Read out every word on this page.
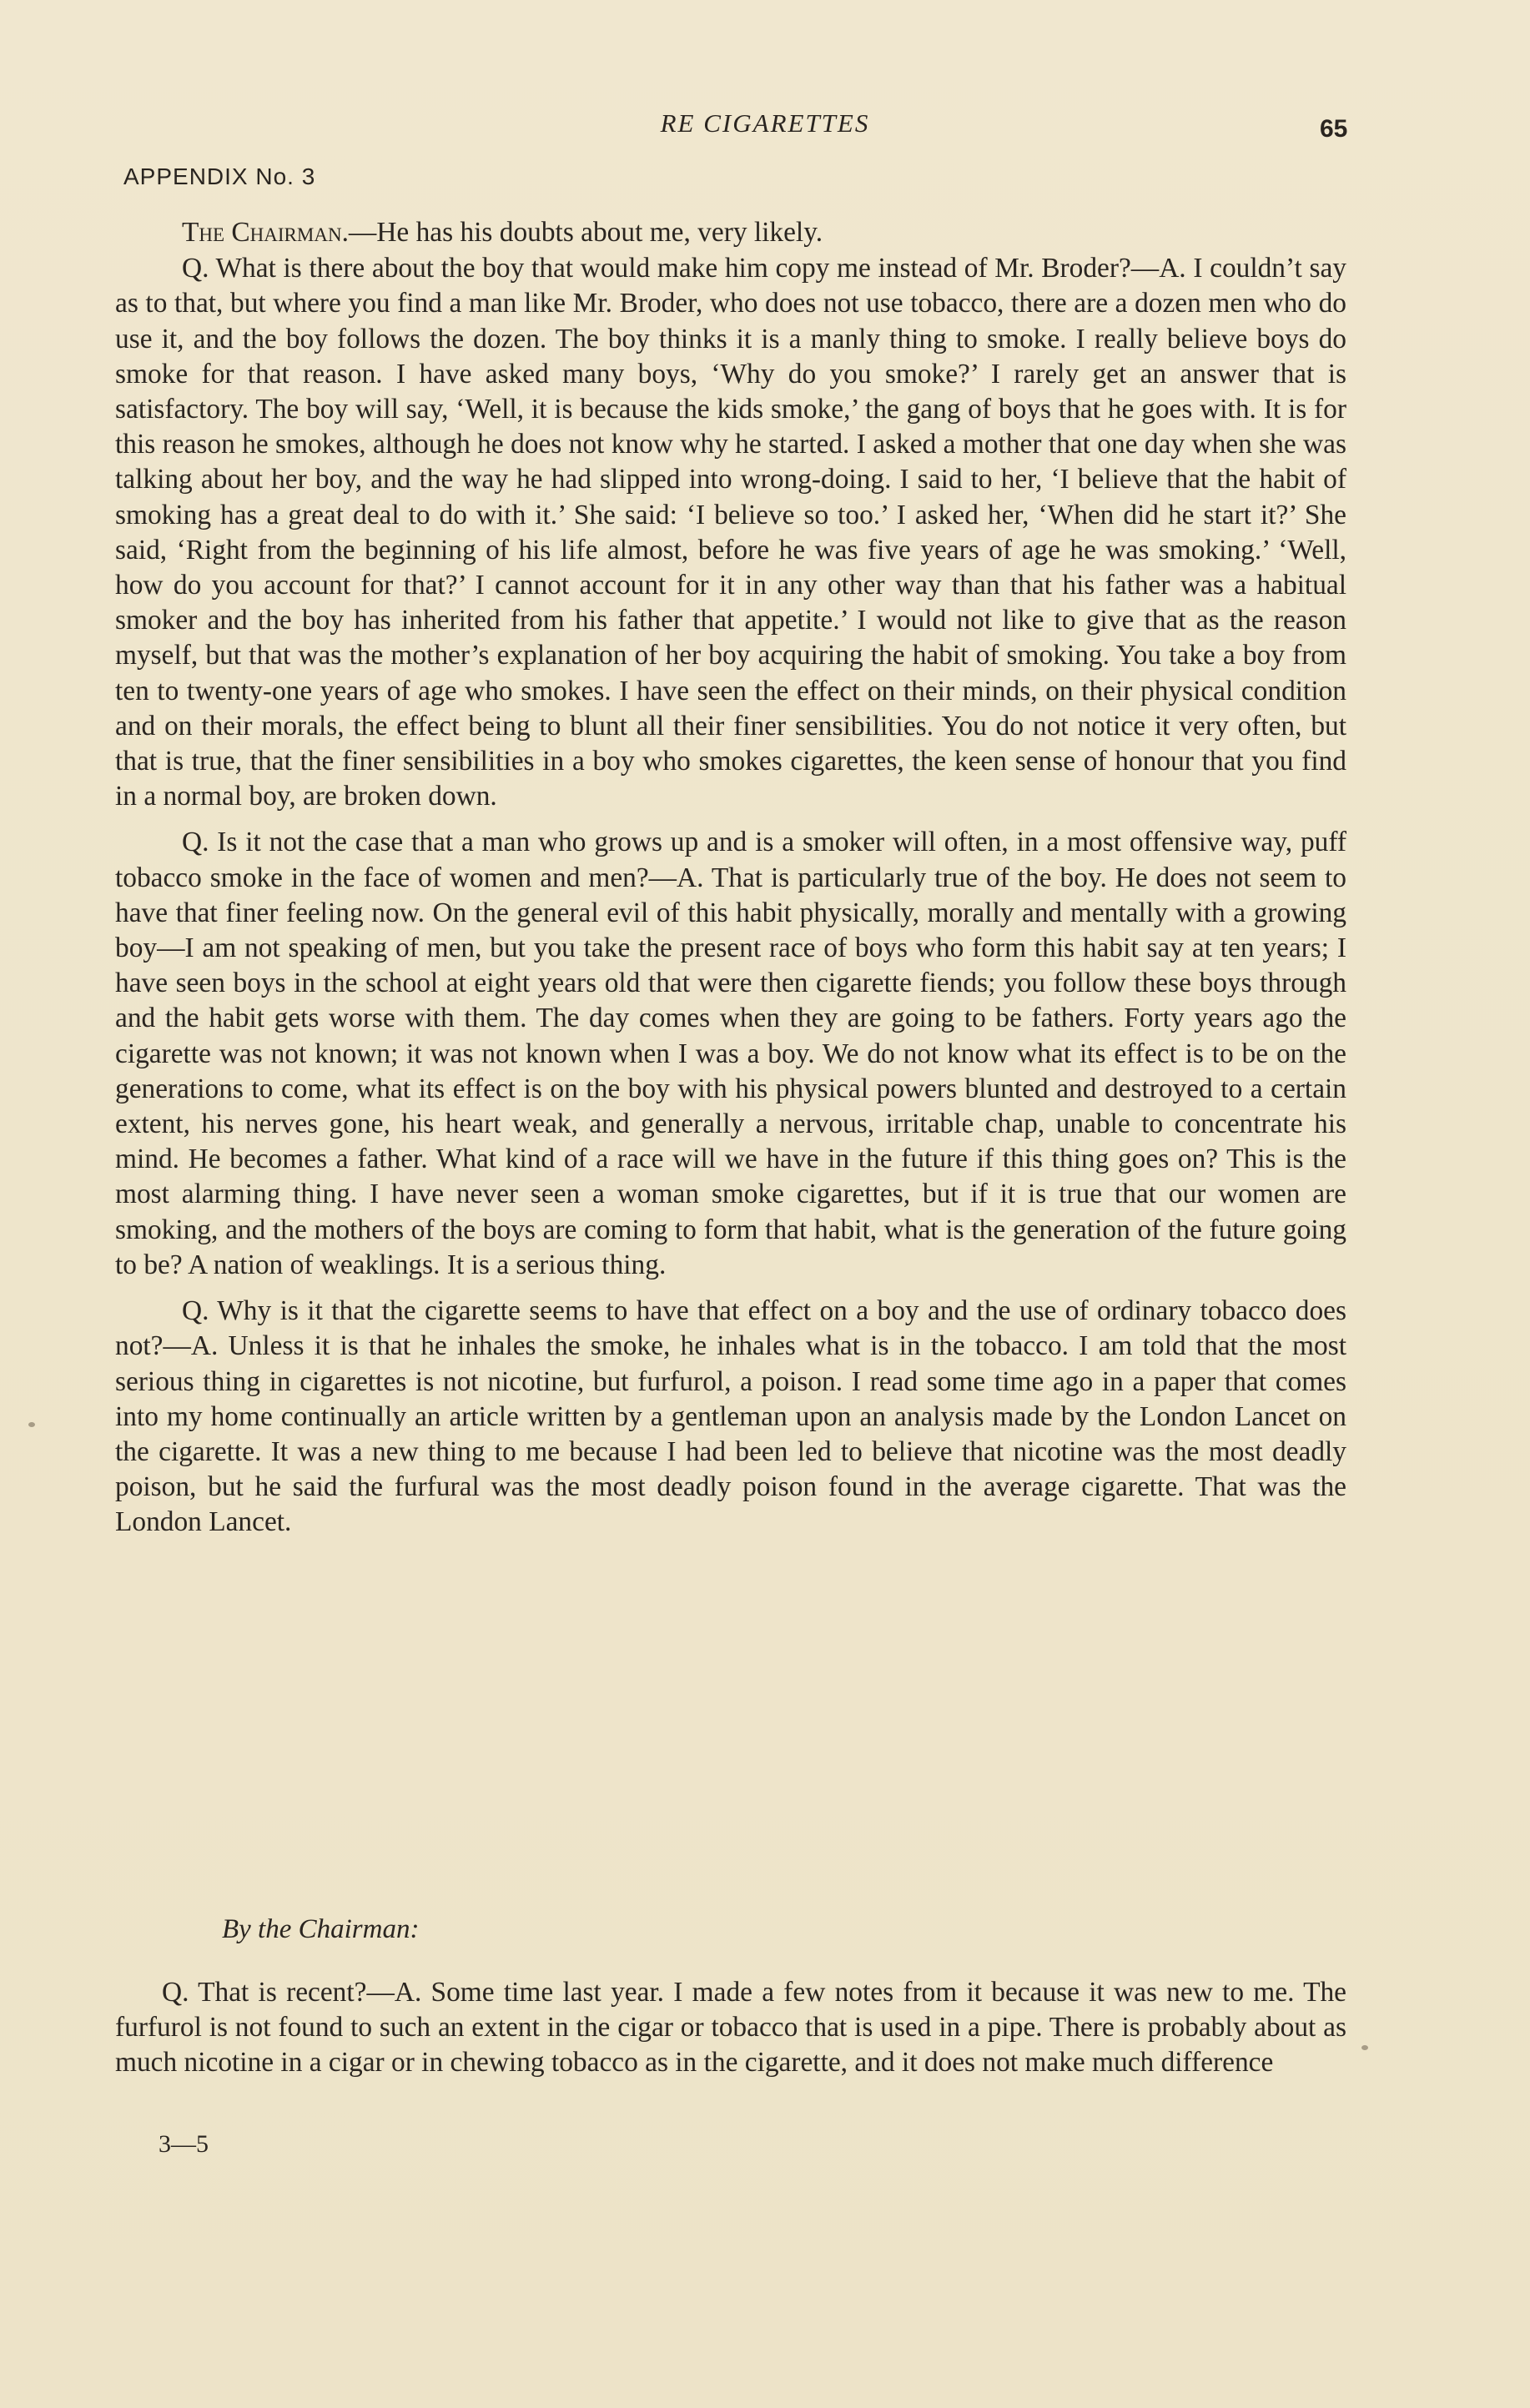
RE CIGARETTES	65
APPENDIX No. 3

The Chairman.—He has his doubts about me, very likely.

Q. What is there about the boy that would make him copy me instead of Mr. Broder?—A. I couldn’t say as to that, but where you find a man like Mr. Broder, who does not use tobacco, there are a dozen men who do use it, and the boy follows the dozen. The boy thinks it is a manly thing to smoke. I really believe boys do smoke for that reason. I have asked many boys, ‘Why do you smoke?’ I rarely get an answer that is satisfactory. The boy will say, ‘Well, it is because the kids smoke,’ the gang of boys that he goes with. It is for this reason he smokes, although he does not know why he started. I asked a mother that one day when she was talking about her boy, and the way he had slipped into wrong-doing. I said to her, ‘I believe that the habit of smoking has a great deal to do with it.’ She said: ‘I believe so too.’ I asked her, ‘When did he start it?’ She said, ‘Right from the beginning of his life almost, before he was five years of age he was smoking.’ ‘Well, how do you account for that?’ I cannot account for it in any other way than that his father was a habitual smoker and the boy has inherited from his father that appetite.’ I would not like to give that as the reason myself, but that was the mother’s explanation of her boy acquiring the habit of smoking. You take a boy from ten to twenty-one years of age who smokes. I have seen the effect on their minds, on their physical condition and on their morals, the effect being to blunt all their finer sensibilities. You do not notice it very often, but that is true, that the finer sensibilities in a boy who smokes cigarettes, the keen sense of honour that you find in a normal boy, are broken down.

Q. Is it not the case that a man who grows up and is a smoker will often, in a most offensive way, puff tobacco smoke in the face of women and men?—A. That is particularly true of the boy. He does not seem to have that finer feeling now. On the general evil of this habit physically, morally and mentally with a growing boy—I am not speaking of men, but you take the present race of boys who form this habit say at ten years; I have seen boys in the school at eight years old that were then cigarette fiends; you follow these boys through and the habit gets worse with them. The day comes when they are going to be fathers. Forty years ago the cigarette was not known; it was not known when I was a boy. We do not know what its effect is to be on the generations to come, what its effect is on the boy with his physical powers blunted and destroyed to a certain extent, his nerves gone, his heart weak, and generally a nervous, irritable chap, unable to concentrate his mind. He becomes a father. What kind of a race will we have in the future if this thing goes on? This is the most alarming thing. I have never seen a woman smoke cigarettes, but if it is true that our women are smoking, and the mothers of the boys are coming to form that habit, what is the generation of the future going to be? A nation of weaklings. It is a serious thing.

Q. Why is it that the cigarette seems to have that effect on a boy and the use of ordinary tobacco does not?—A. Unless it is that he inhales the smoke, he inhales what is in the tobacco. I am told that the most serious thing in cigarettes is not nicotine, but furfurol, a poison. I read some time ago in a paper that comes into my home continually an article written by a gentleman upon an analysis made by the London Lancet on the cigarette. It was a new thing to me because I had been led to believe that nicotine was the most deadly poison, but he said the furfural was the most deadly poison found in the average cigarette. That was the London Lancet.

By the Chairman:

Q. That is recent?—A. Some time last year. I made a few notes from it because it was new to me. The furfurol is not found to such an extent in the cigar or tobacco that is used in a pipe. There is probably about as much nicotine in a cigar or in chewing tobacco as in the cigarette, and it does not make much difference

3—5
